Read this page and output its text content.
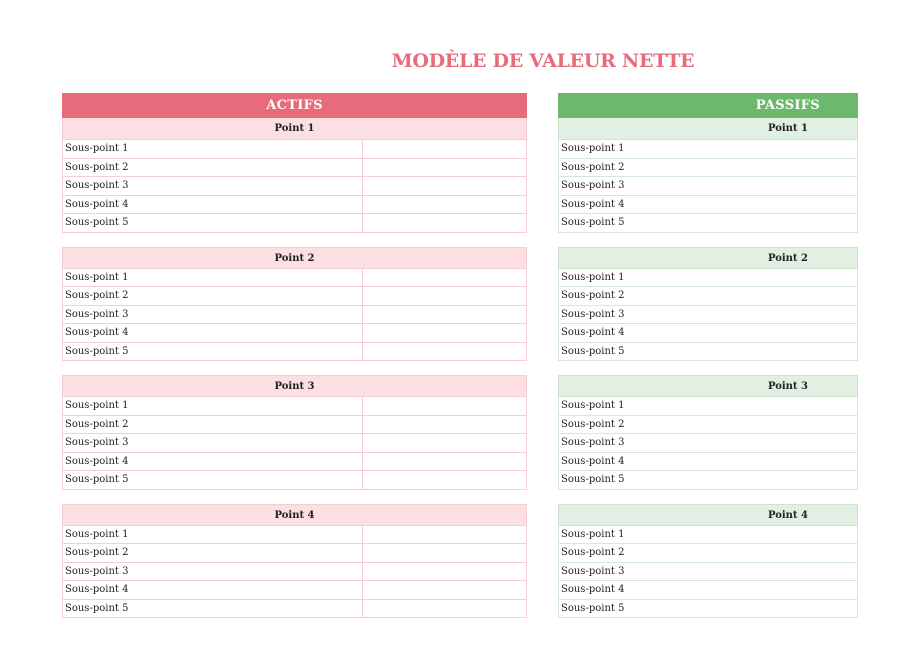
MODÈLE DE VALEUR NETTE
ACTIFS
Point 1
Sous-point 1
Sous-point 2
Sous-point 3
Sous-point 4
Sous-point 5
Point 2
Sous-point 1
Sous-point 2
Sous-point 3
Sous-point 4
Sous-point 5
Point 3
Sous-point 1
Sous-point 2
Sous-point 3
Sous-point 4
Sous-point 5
Point 4
Sous-point 1
Sous-point 2
Sous-point 3
Sous-point 4
Sous-point 5
PASSIFS
Point 1
Sous-point 1
Sous-point 2
Sous-point 3
Sous-point 4
Sous-point 5
Point 2
Sous-point 1
Sous-point 2
Sous-point 3
Sous-point 4
Sous-point 5
Point 3
Sous-point 1
Sous-point 2
Sous-point 3
Sous-point 4
Sous-point 5
Point 4
Sous-point 1
Sous-point 2
Sous-point 3
Sous-point 4
Sous-point 5
